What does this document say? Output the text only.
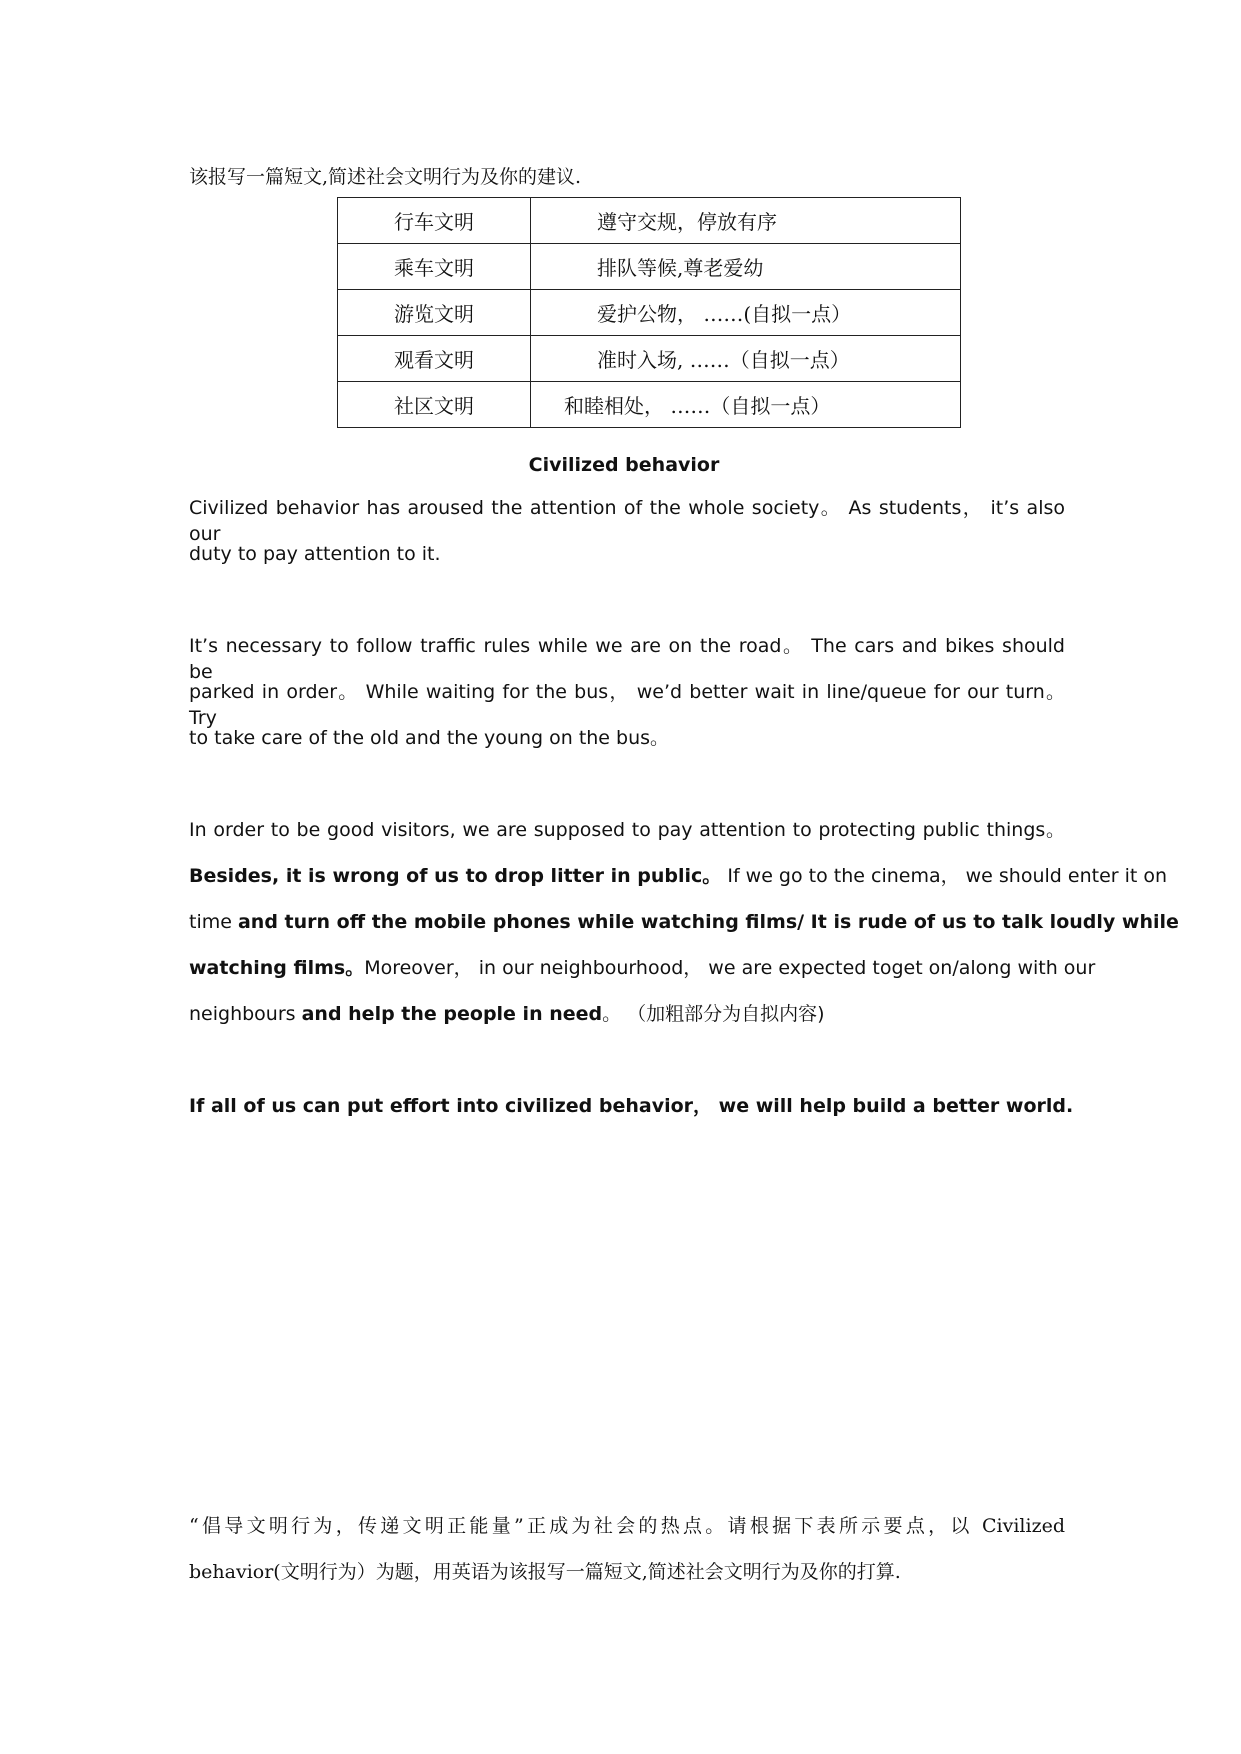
该报写一篇短文,简述社会文明行为及你的建议.
行车文明	遵守交规，停放有序
乘车文明	排队等候,尊老爱幼
游览文明	爱护公物， ……(自拟一点）
观看文明	准时入场, ……（自拟一点）
社区文明	和睦相处， ……（自拟一点）
Civilized behavior
Civilized behavior has aroused the attention of the whole society。 As students， it’s also our
duty to pay attention to it.
It’s necessary to follow traffic rules while we are on the road。 The cars and bikes should be
parked in order。 While waiting for the bus， we’d better wait in line/queue for our turn。 Try
to take care of the old and the young on the bus。
In order to be good visitors, we are supposed to pay attention to protecting public things。
Besides, it is wrong of us to drop litter in public。 If we go to the cinema， we should enter it on
time and turn off the mobile phones while watching films/ It is rude of us to talk loudly while
watching films。Moreover， in our neighbourhood， we are expected toget on/along with our
neighbours and help the people in need。 （加粗部分为自拟内容)
If all of us can put effort into civilized behavior， we will help build a better world.
“倡导文明行为，传递文明正能量”正成为社会的热点。请根据下表所示要点，以 Civilized
behavior(文明行为）为题，用英语为该报写一篇短文,简述社会文明行为及你的打算.
